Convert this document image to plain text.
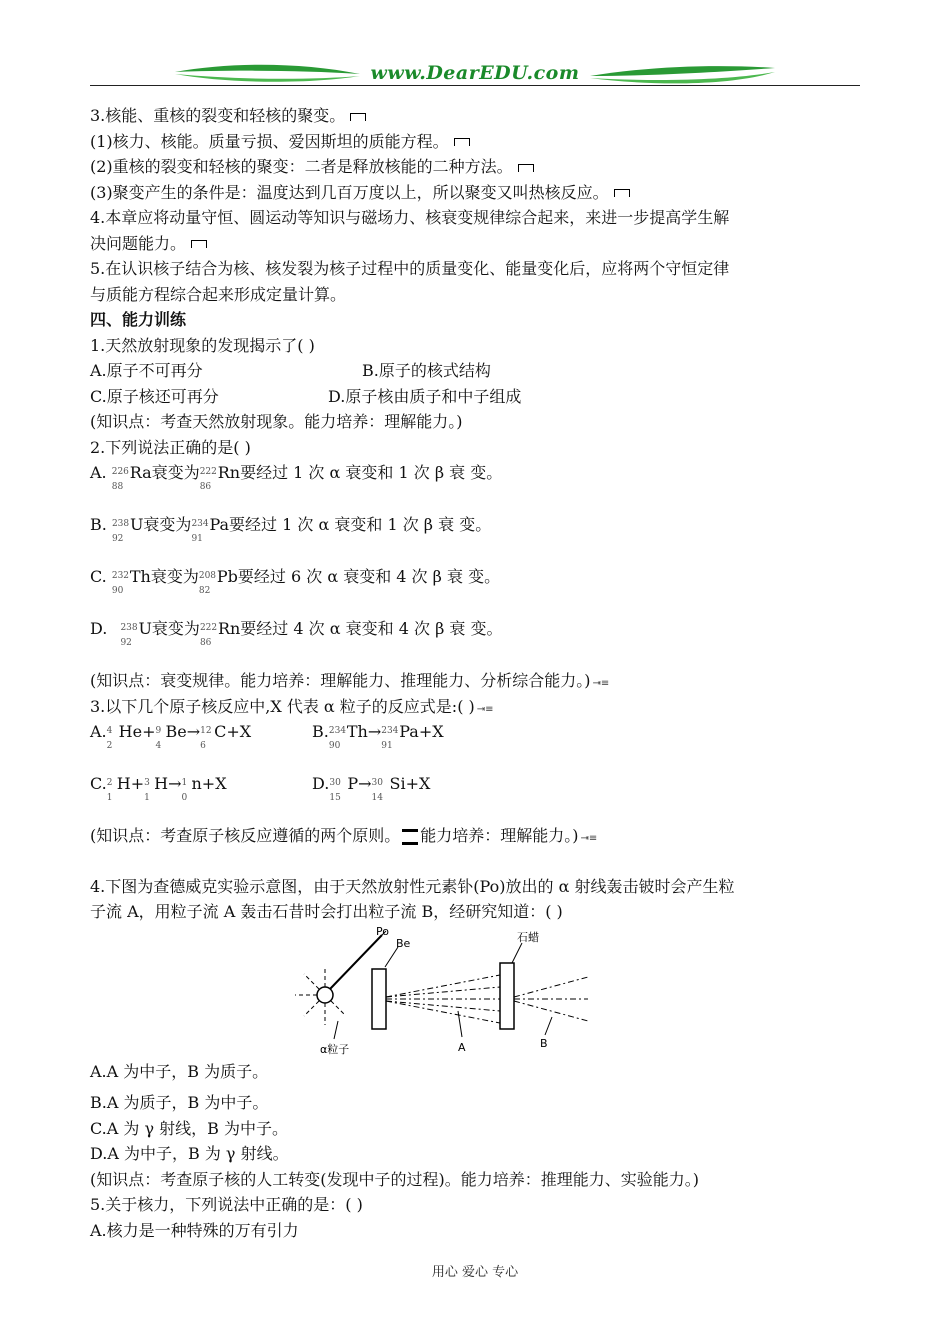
www.DearEDU.com
3.核能、重核的裂变和轻核的聚变。
(1)核力、核能。质量亏损、爱因斯坦的质能方程。
(2)重核的裂变和轻核的聚变：二者是释放核能的二种方法。
(3)聚变产生的条件是：温度达到几百万度以上，所以聚变又叫热核反应。
4.本章应将动量守恒、圆运动等知识与磁场力、核衰变规律综合起来，来进一步提高学生解
决问题能力。
5.在认识核子结合为核、核发裂为核子过程中的质量变化、能量变化后，应将两个守恒定律
与质能方程综合起来形成定量计算。
四、能力训练
1.天然放射现象的发现揭示了( )
A.原子不可再分	B.原子的核式结构
C.原子核还可再分	D.原子核由质子和中子组成
(知识点：考查天然放射现象。能力培养：理解能力。)
2.下列说法正确的是( )
A. 226
88
Ra衰变为 222
86
Rn要经过 1 次 α 衰变和 1 次 β 衰 变。
B. 238
92
U衰变为 234
91
Pa要经过 1 次 α 衰变和 1 次 β 衰 变。
C. 232
90
Th衰变为 208
82
Pb要经过 6 次 α 衰变和 4 次 β 衰 变。
D. 238
92
U衰变为 222
86
Rn要经过 4 次 α 衰变和 4 次 β 衰 变。
(知识点：衰变规律。能力培养：理解能力、推理能力、分析综合能力。) ⇥≡
3.以下几个原子核反应中,X 代表 α 粒子的反应式是:( ) ⇥≡
A. 4
2
He+ 9
4
Be→ 12
6
C+X	B. 234
90
Th→ 234
91
Pa+X
C. 2
1
H+ 3
1
H→ 1
0
n+X	D. 30
15
P→ 30
14
Si+X
(知识点：考查原子核反应遵循的两个原则。 能力培养：理解能力。) ⇥≡
4.下图为查德威克实验示意图，由于天然放射性元素钋(Po)放出的 α 射线轰击铍时会产生粒
子流 A，用粒子流 A 轰击石昔时会打出粒子流 B，经研究知道：( )
Po
Be
A
石蜡
B
α粒子
A.A 为中子，B 为质子。
B.A 为质子，B 为中子。
C.A 为 γ 射线，B 为中子。
D.A 为中子，B 为 γ 射线。
(知识点：考查原子核的人工转变(发现中子的过程)。能力培养：推理能力、实验能力。)
5.关于核力，下列说法中正确的是：( )
A.核力是一种特殊的万有引力
用心 爱心 专心
